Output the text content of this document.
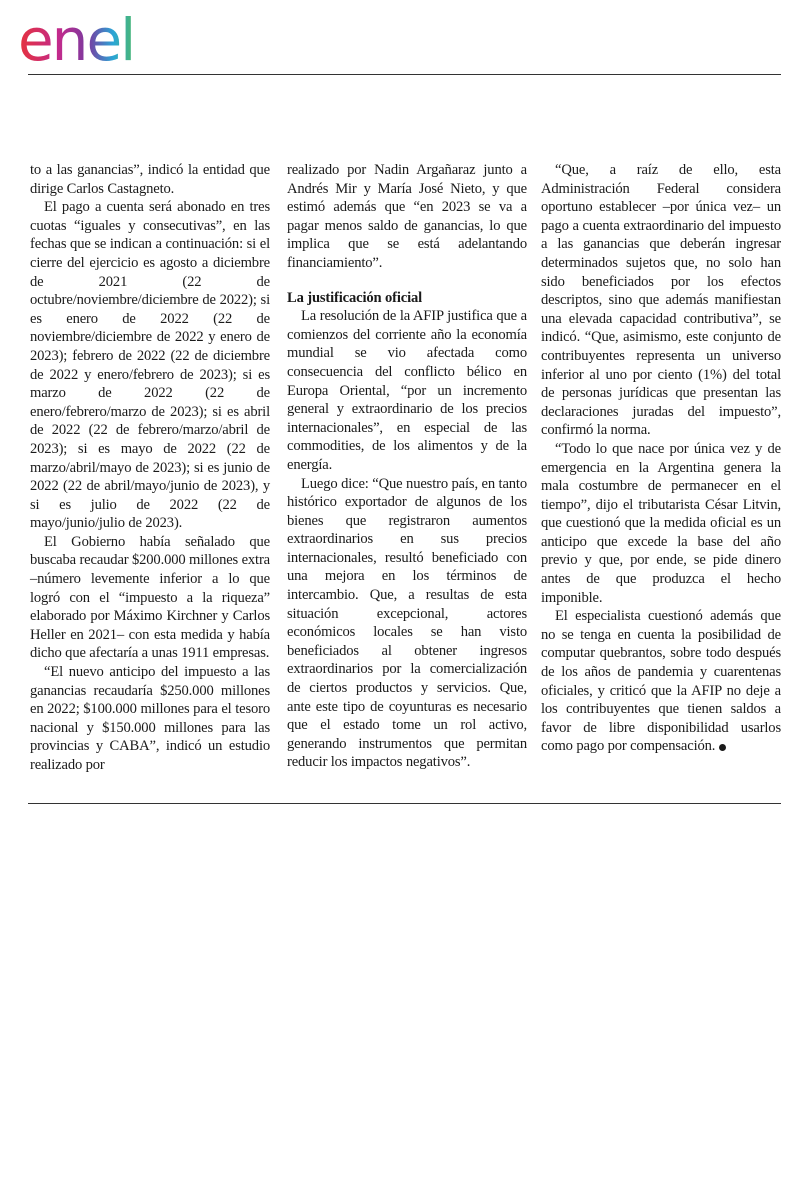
enel

to a las ganancias”, indicó la entidad que dirige Carlos Castagneto.

El pago a cuenta será abonado en tres cuotas “iguales y consecutivas”, en las fechas que se indican a continuación: si el cierre del ejercicio es agosto a diciembre de 2021 (22 de octubre/noviembre/diciembre de 2022); si es enero de 2022 (22 de noviembre/diciembre de 2022 y enero de 2023); febrero de 2022 (22 de diciembre de 2022 y enero/febrero de 2023); si es marzo de 2022 (22 de enero/febrero/marzo de 2023); si es abril de 2022 (22 de febrero/marzo/abril de 2023); si es mayo de 2022 (22 de marzo/abril/mayo de 2023); si es junio de 2022 (22 de abril/mayo/junio de 2023), y si es julio de 2022 (22 de mayo/junio/julio de 2023).

El Gobierno había señalado que buscaba recaudar $200.000 millones extra –número levemente inferior a lo que logró con el “impuesto a la riqueza” elaborado por Máximo Kirchner y Carlos Heller en 2021– con esta medida y había dicho que afectaría a unas 1911 empresas.

“El nuevo anticipo del impuesto a las ganancias recaudaría $250.000 millones en 2022; $100.000 millones para el tesoro nacional y $150.000 millones para las provincias y CABA”, indicó un estudio realizado por

realizado por Nadin Argañaraz junto a Andrés Mir y María José Nieto, y que estimó además que “en 2023 se va a pagar menos saldo de ganancias, lo que implica que se está adelantando financiamiento”.

La justificación oficial

La resolución de la AFIP justifica que a comienzos del corriente año la economía mundial se vio afectada como consecuencia del conflicto bélico en Europa Oriental, “por un incremento general y extraordinario de los precios internacionales”, en especial de las commodities, de los alimentos y de la energía.

Luego dice: “Que nuestro país, en tanto histórico exportador de algunos de los bienes que registraron aumentos extraordinarios en sus precios internacionales, resultó beneficiado con una mejora en los términos de intercambio. Que, a resultas de esta situación excepcional, actores económicos locales se han visto beneficiados al obtener ingresos extraordinarios por la comercialización de ciertos productos y servicios. Que, ante este tipo de coyunturas es necesario que el estado tome un rol activo, generando instrumentos que permitan reducir los impactos negativos”.

“Que, a raíz de ello, esta Administración Federal considera oportuno establecer –por única vez– un pago a cuenta extraordinario del impuesto a las ganancias que deberán ingresar determinados sujetos que, no solo han sido beneficiados por los efectos descriptos, sino que además manifiestan una elevada capacidad contributiva”, se indicó. “Que, asimismo, este conjunto de contribuyentes representa un universo inferior al uno por ciento (1%) del total de personas jurídicas que presentan las declaraciones juradas del impuesto”, confirmó la norma.

“Todo lo que nace por única vez y de emergencia en la Argentina genera la mala costumbre de permanecer en el tiempo”, dijo el tributarista César Litvin, que cuestionó que la medida oficial es un anticipo que excede la base del año previo y que, por ende, se pide dinero antes de que produzca el hecho imponible.

El especialista cuestionó además que no se tenga en cuenta la posibilidad de computar quebrantos, sobre todo después de los años de pandemia y cuarentenas oficiales, y criticó que la AFIP no deje a los contribuyentes que tienen saldos a favor de libre disponibilidad usarlos como pago por compensación.
